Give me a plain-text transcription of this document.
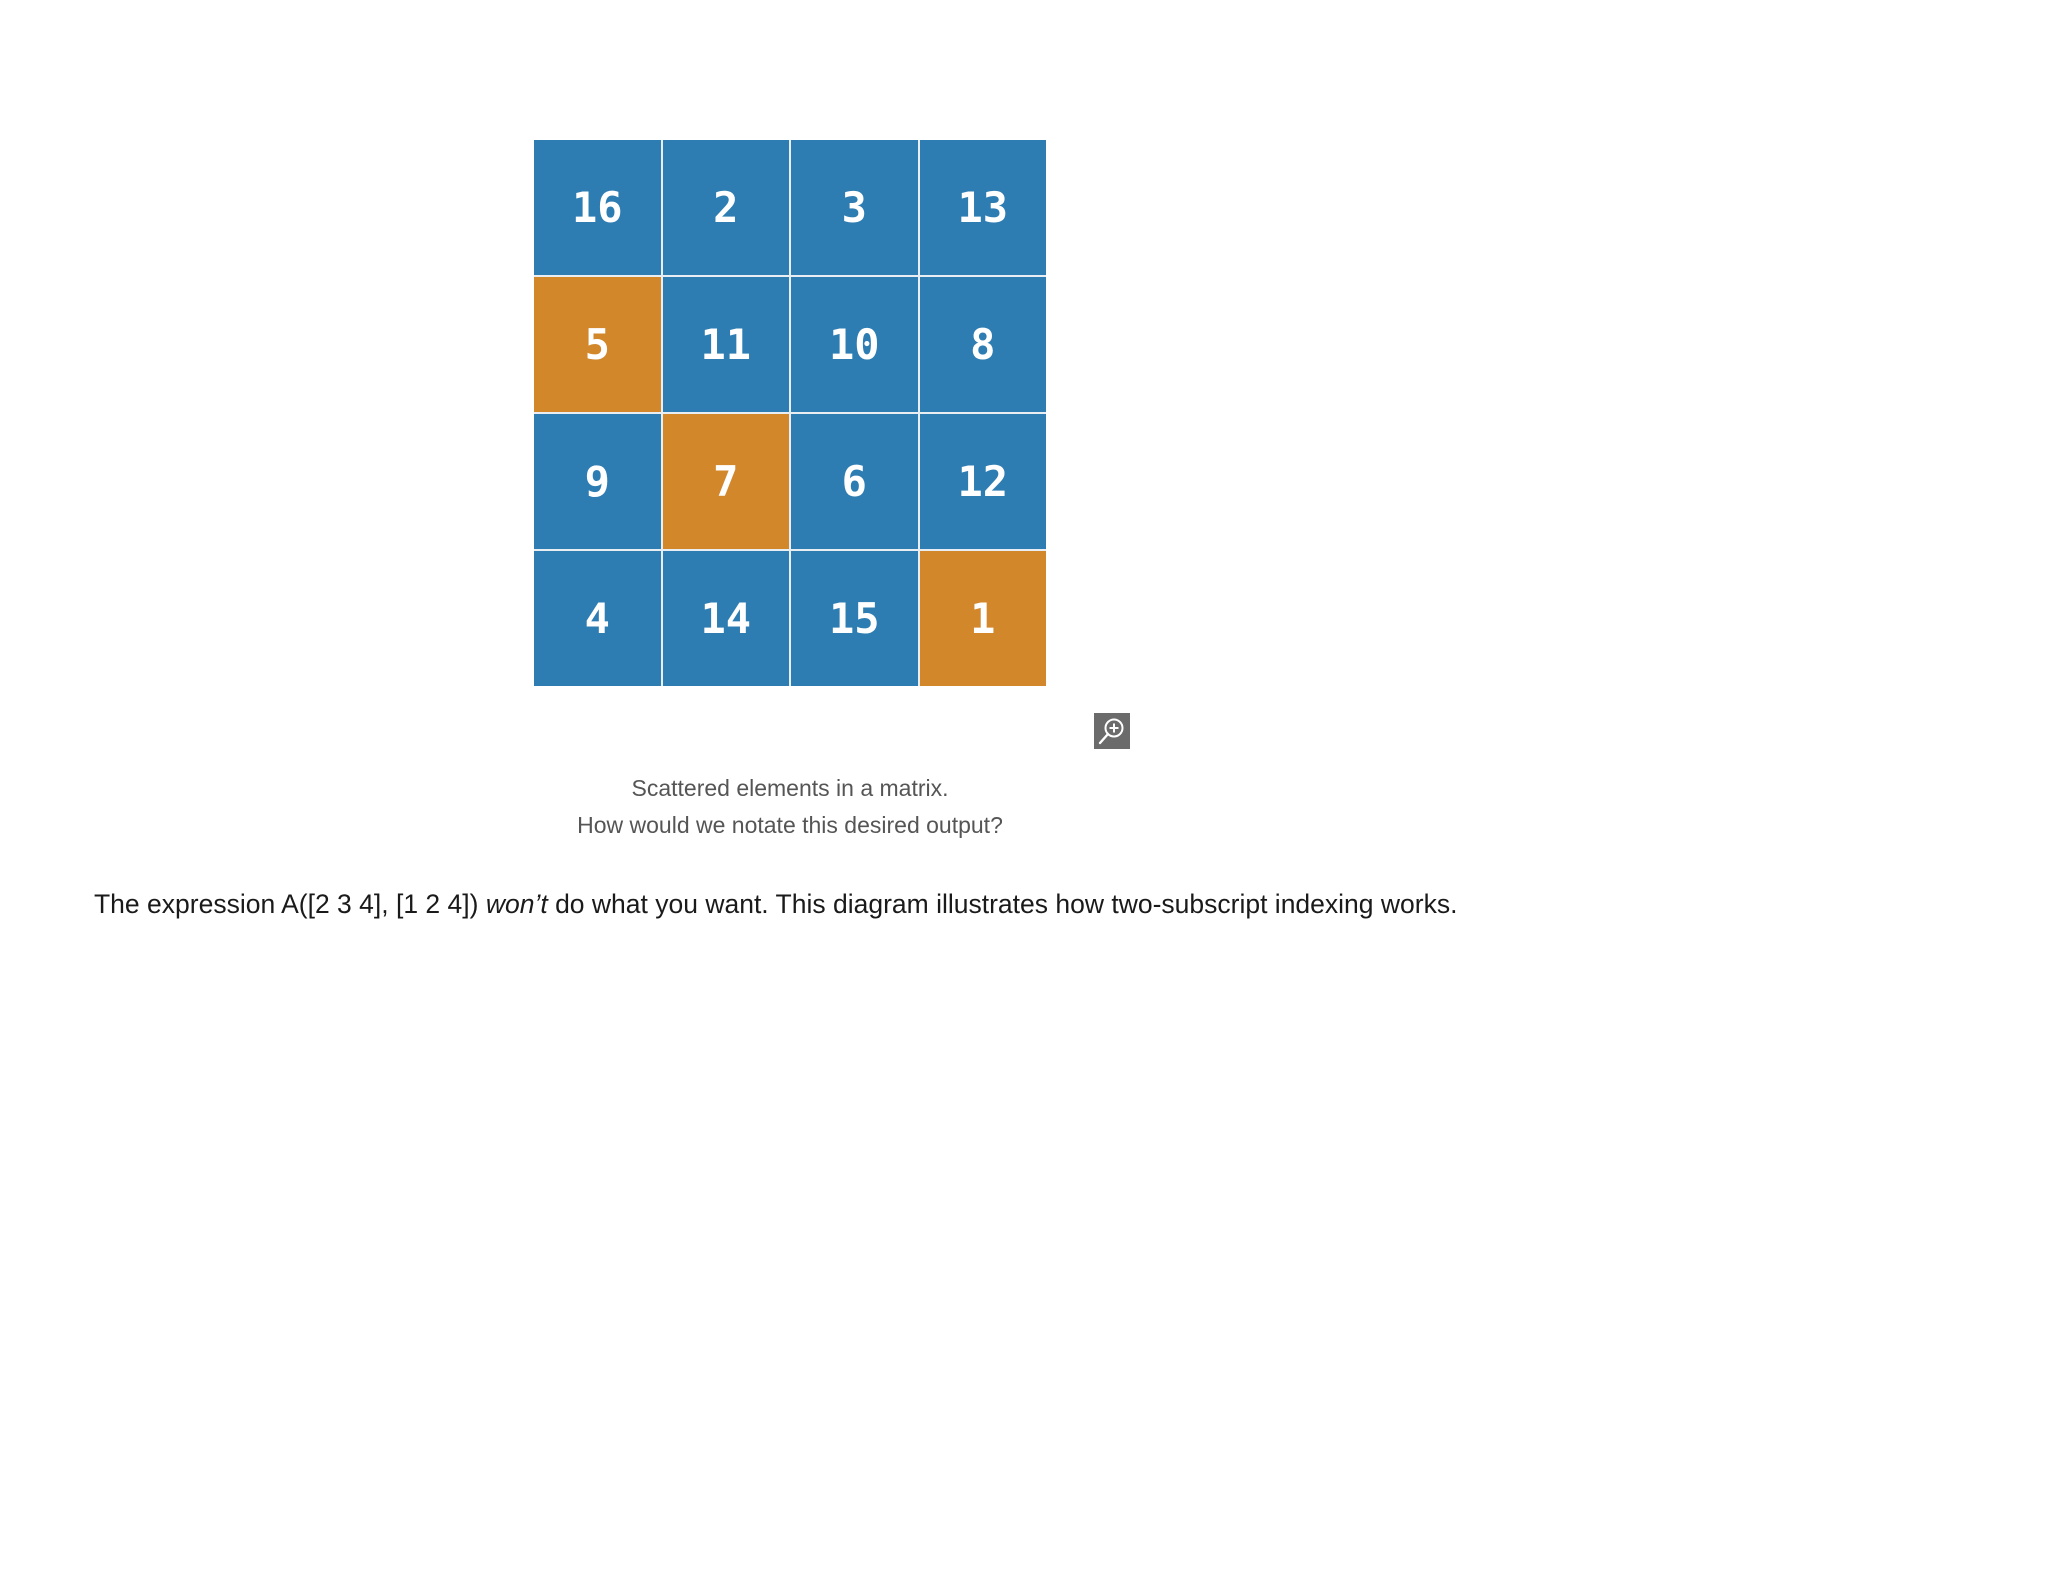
16	2	3	13
5	11	10	8
9	7	6	12
4	14	15	1
Scattered elements in a matrix.
How would we notate this desired output?

The expression A([2 3 4], [1 2 4]) won’t do what you want. This diagram illustrates how two-subscript indexing works.
